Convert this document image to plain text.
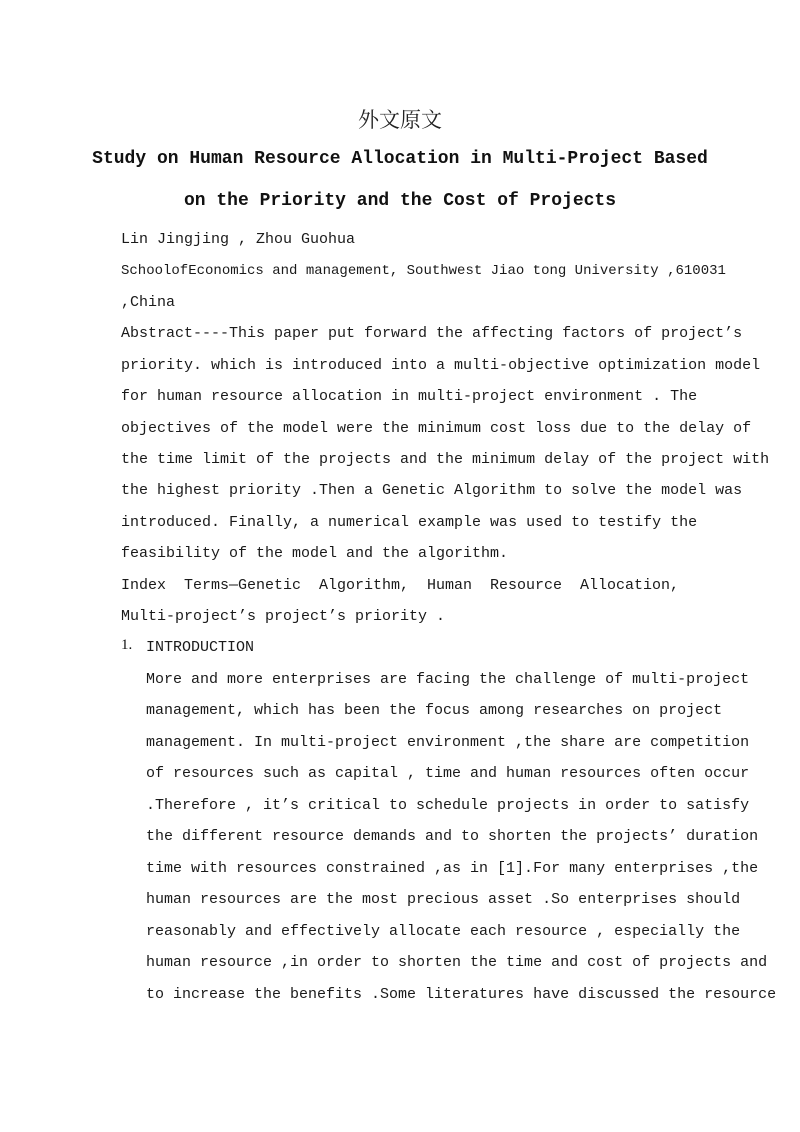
外文原文
Study on Human Resource Allocation in Multi-Project Based
on the Priority and the Cost of Projects
Lin Jingjing , Zhou Guohua
SchoolofEconomics and management, Southwest Jiao tong University ,610031
,China
Abstract----This paper put forward the affecting factors of project’s
priority. which is introduced into a multi-objective optimization model
for human resource allocation in multi-project environment . The
objectives of the model were the minimum cost loss due to the delay of
the time limit of the projects and the minimum delay of the project with
the highest priority .Then a Genetic Algorithm to solve the model was
introduced. Finally, a numerical example was used to testify the
feasibility of the model and the algorithm.
Index Terms—Genetic Algorithm, Human Resource Allocation,
Multi-project’s project’s priority .
1. INTRODUCTION
More and more enterprises are facing the challenge of multi-project
management, which has been the focus among researches on project
management. In multi-project environment ,the share are competition
of resources such as capital , time and human resources often occur
.Therefore , it’s critical to schedule projects in order to satisfy
the different resource demands and to shorten the projects’ duration
time with resources constrained ,as in [1].For many enterprises ,the
human resources are the most precious asset .So enterprises should
reasonably and effectively allocate each resource , especially the
human resource ,in order to shorten the time and cost of projects and
to increase the benefits .Some literatures have discussed the resource
